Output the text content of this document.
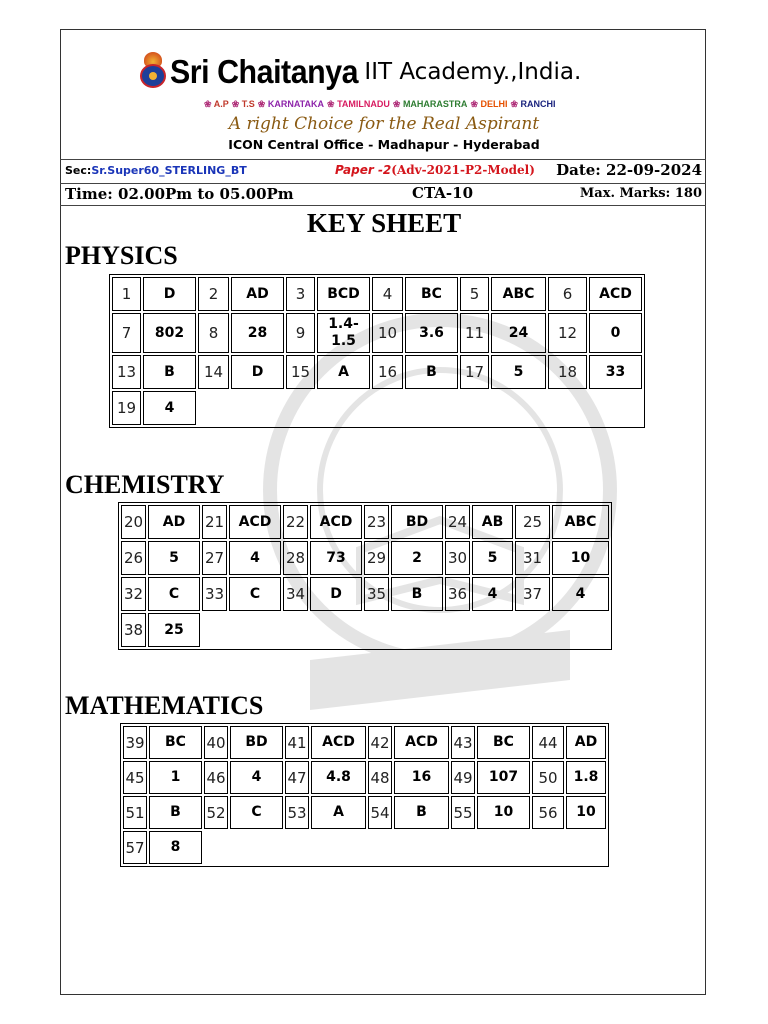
Sri Chaitanya IIT Academy.,India.
❀ A.P ❀ T.S ❀ KARNATAKA ❀ TAMILNADU ❀ MAHARASTRA ❀ DELHI ❀ RANCHI
A right Choice for the Real Aspirant
ICON Central Office - Madhapur - Hyderabad
Sec:Sr.Super60_STERLING_BT	Paper -2(Adv-2021-P2-Model) Date: 22-09-2024
Time: 02.00Pm to 05.00Pm	CTA-10	Max. Marks: 180
KEY SHEET
PHYSICS
1	D	2	AD	3	BCD	4	BC	5	ABC	6	ACD
7	802	8	28	9	1.4-
1.5	10	3.6	11	24	12	0
13	B	14	D	15	A	16	B	17	5	18	33
19	4										
CHEMISTRY
20	AD	21	ACD	22	ACD	23	BD	24	AB	25	ABC
26	5	27	4	28	73	29	2	30	5	31	10
32	C	33	C	34	D	35	B	36	4	37	4
38	25										
MATHEMATICS
39	BC	40	BD	41	ACD	42	ACD	43	BC	44	AD
45	1	46	4	47	4.8	48	16	49	107	50	1.8
51	B	52	C	53	A	54	B	55	10	56	10
57	8										
